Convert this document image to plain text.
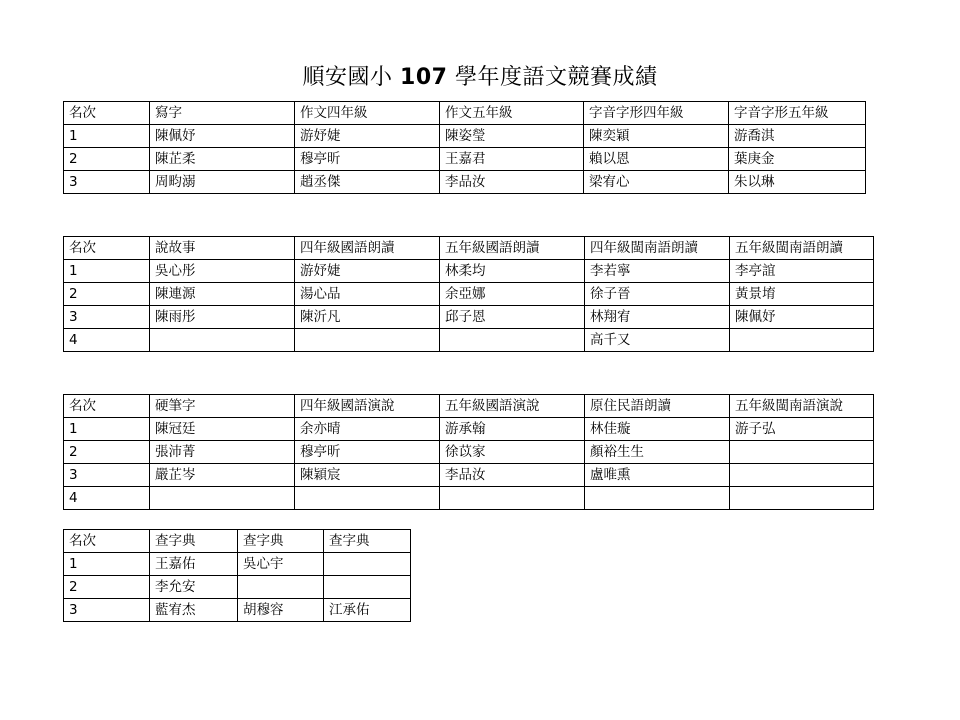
順安國小 107 學年度語文競賽成績
名次	寫字	作文四年級	作文五年級	字音字形四年級	字音字形五年級
1	陳佩妤	游妤婕	陳姿瑩	陳奕穎	游喬淇
2	陳芷柔	穆亭昕	王嘉君	賴以恩	葉庚金
3	周畇溺	趙丞傑	李品汝	梁宥心	朱以琳
名次	說故事	四年級國語朗讀	五年級國語朗讀	四年級閩南語朗讀	五年級閩南語朗讀
1	吳心彤	游妤婕	林柔均	李若寧	李亭誼
2	陳連源	湯心品	余亞娜	徐子晉	黃景堉
3	陳雨彤	陳沂凡	邱子恩	林翔宥	陳佩妤
4				高千又	
名次	硬筆字	四年級國語演說	五年級國語演說	原住民語朗讀	五年級閩南語演說
1	陳冠廷	余亦晴	游承翰	林佳璇	游子弘
2	張沛菁	穆亭昕	徐苡家	顏裕生生	
3	嚴芷岑	陳穎宸	李品汝	盧唯熏	
4					
名次	查字典	查字典	查字典
1	王嘉佑	吳心宇	
2	李允安		
3	藍宥杰	胡穆容	江承佑
